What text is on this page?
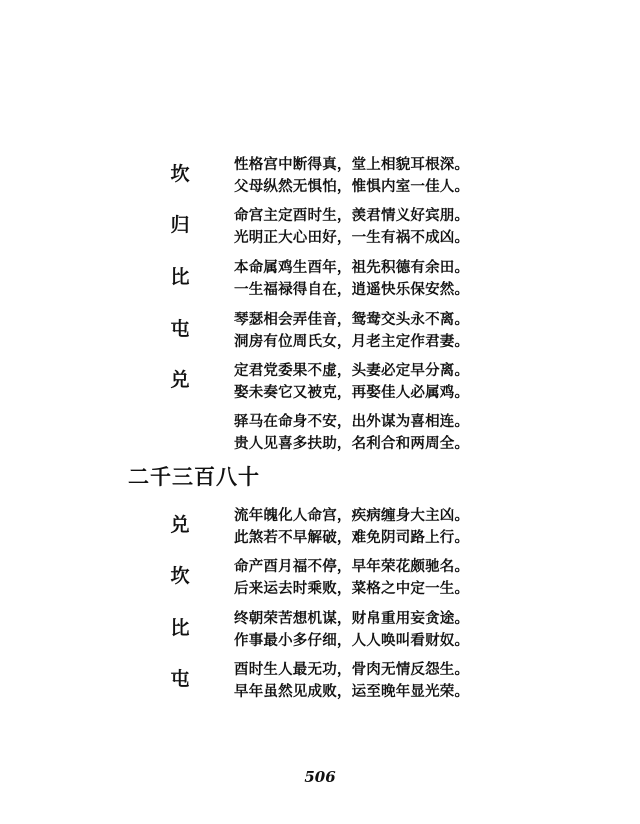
坎	性格宫中断得真，堂上相貌耳根深。
父母纵然无惧怕，惟惧内室一佳人。

归	命宫主定酉时生，羡君情义好宾朋。
光明正大心田好，一生有祸不成凶。

比	本命属鸡生酉年，祖先积德有余田。
一生福禄得自在，逍遥快乐保安然。

屯	琴瑟相会弄佳音，鸳鸯交头永不离。
洞房有位周氏女，月老主定作君妻。

兑	定君党委果不虚，头妻必定早分离。
娶未奏它又被克，再娶佳人必属鸡。

驿马在命身不安，出外谋为喜相连。
贵人见喜多扶助，名利合和两周全。

二千三百八十
兑	流年魄化人命宫，疾病缠身大主凶。
此煞若不早解破，难免阴司路上行。

坎	命产酉月福不停，早年荣花颇驰名。
后来运去时乘败，菜格之中定一生。

比	终朝荣苦想机谋，财帛重用妄贪途。
作事最小多仔细，人人唤叫看财奴。

屯	酉时生人最无功，骨肉无情反怨生。
早年虽然见成败，运至晚年显光荣。

506
